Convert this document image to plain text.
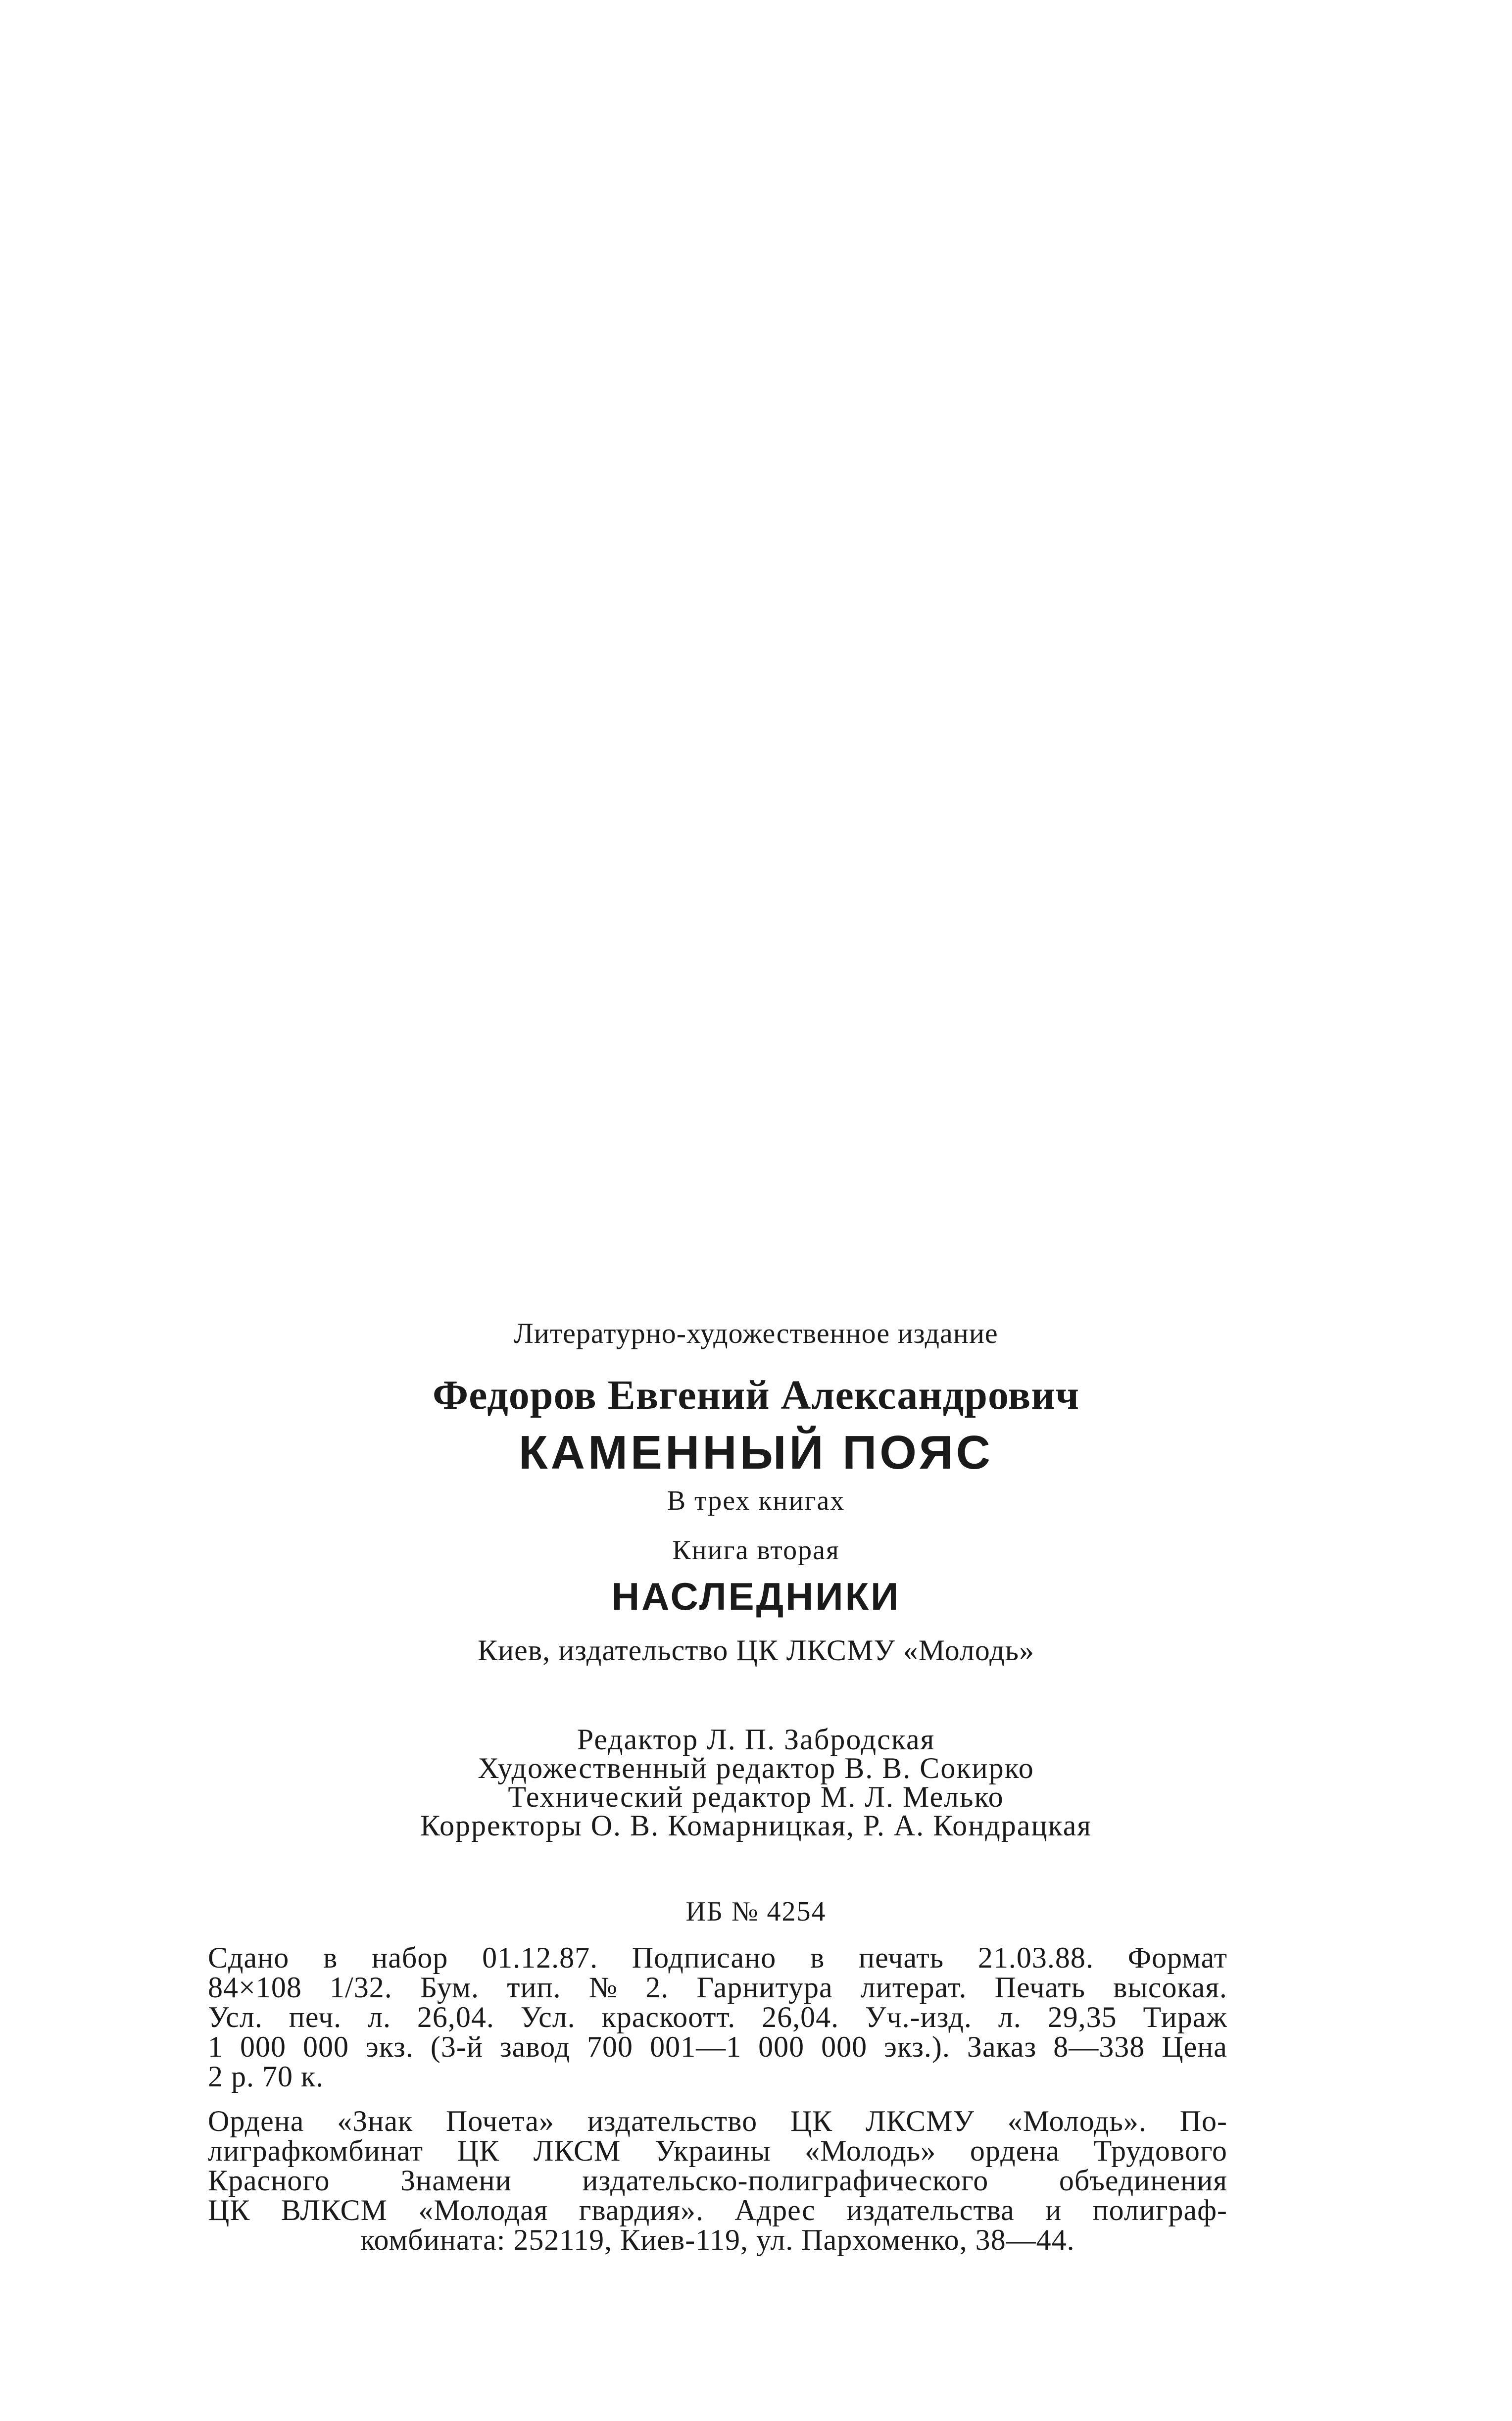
Литературно-художественное издание
Федоров Евгений Александрович
КАМЕННЫЙ ПОЯС
В трех книгах
Книга вторая
НАСЛЕДНИКИ
Киев, издательство ЦК ЛКСМУ «Молодь»
Редактор Л. П. Забродская
Художественный редактор В. В. Сокирко
Технический редактор М. Л. Мелько
Корректоры О. В. Комарницкая, Р. А. Кондрацкая
ИБ № 4254
Сдано в набор 01.12.87. Подписано в печать 21.03.88. Формат
84×108 1/32. Бум. тип. № 2. Гарнитура литерат. Печать высокая.
Усл. печ. л. 26,04. Усл. краскоотт. 26,04. Уч.-изд. л. 29,35 Тираж
1 000 000 экз. (3-й завод 700 001—1 000 000 экз.). Заказ 8—338 Цена
2 р. 70 к.
Ордена «Знак Почета» издательство ЦК ЛКСМУ «Молодь». По-
лиграфкомбинат ЦК ЛКСМ Украины «Молодь» ордена Трудового
Красного Знамени издательско-полиграфического объединения
ЦК ВЛКСМ «Молодая гвардия». Адрес издательства и полиграф-
комбината: 252119, Киев-119, ул. Пархоменко, 38—44.
